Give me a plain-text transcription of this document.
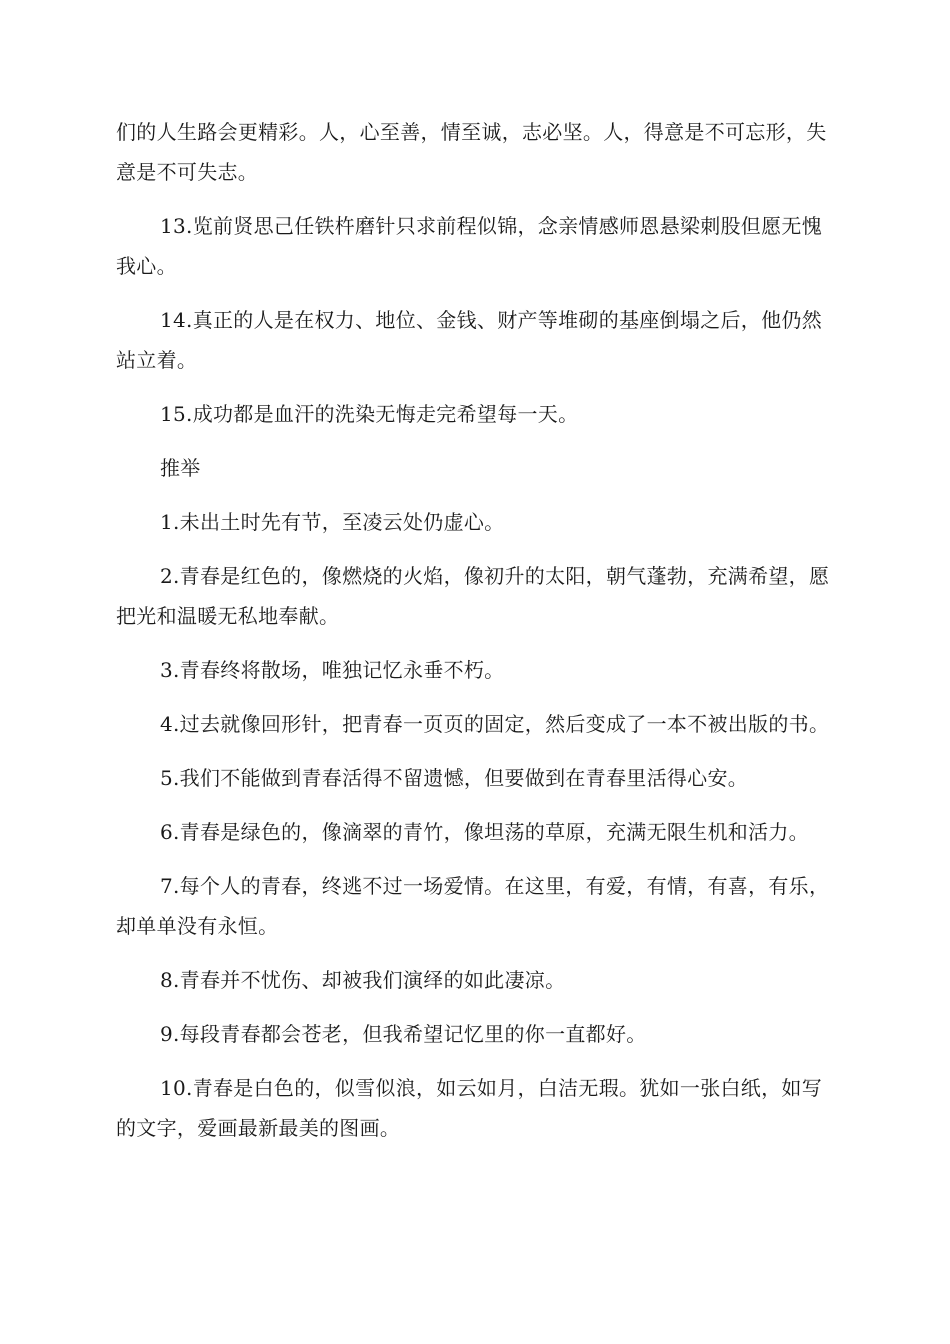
们的人生路会更精彩。人，心至善，情至诚，志必坚。人，得意是不可忘形，失意是不可失志。

13.览前贤思己任铁杵磨针只求前程似锦，念亲情感师恩悬梁刺股但愿无愧我心。

14.真正的人是在权力、地位、金钱、财产等堆砌的基座倒塌之后，他仍然站立着。

15.成功都是血汗的洗染无悔走完希望每一天。

推举

1.未出土时先有节，至凌云处仍虚心。

2.青春是红色的，像燃烧的火焰，像初升的太阳，朝气蓬勃，充满希望，愿把光和温暖无私地奉献。

3.青春终将散场，唯独记忆永垂不朽。

4.过去就像回形针，把青春一页页的固定，然后变成了一本不被出版的书。

5.我们不能做到青春活得不留遗憾，但要做到在青春里活得心安。

6.青春是绿色的，像滴翠的青竹，像坦荡的草原，充满无限生机和活力。

7.每个人的青春，终逃不过一场爱情。在这里，有爱，有情，有喜，有乐，却单单没有永恒。

8.青春并不忧伤、却被我们演绎的如此凄凉。

9.每段青春都会苍老，但我希望记忆里的你一直都好。

10.青春是白色的，似雪似浪，如云如月，白洁无瑕。犹如一张白纸，如写的文字，爱画最新最美的图画。
